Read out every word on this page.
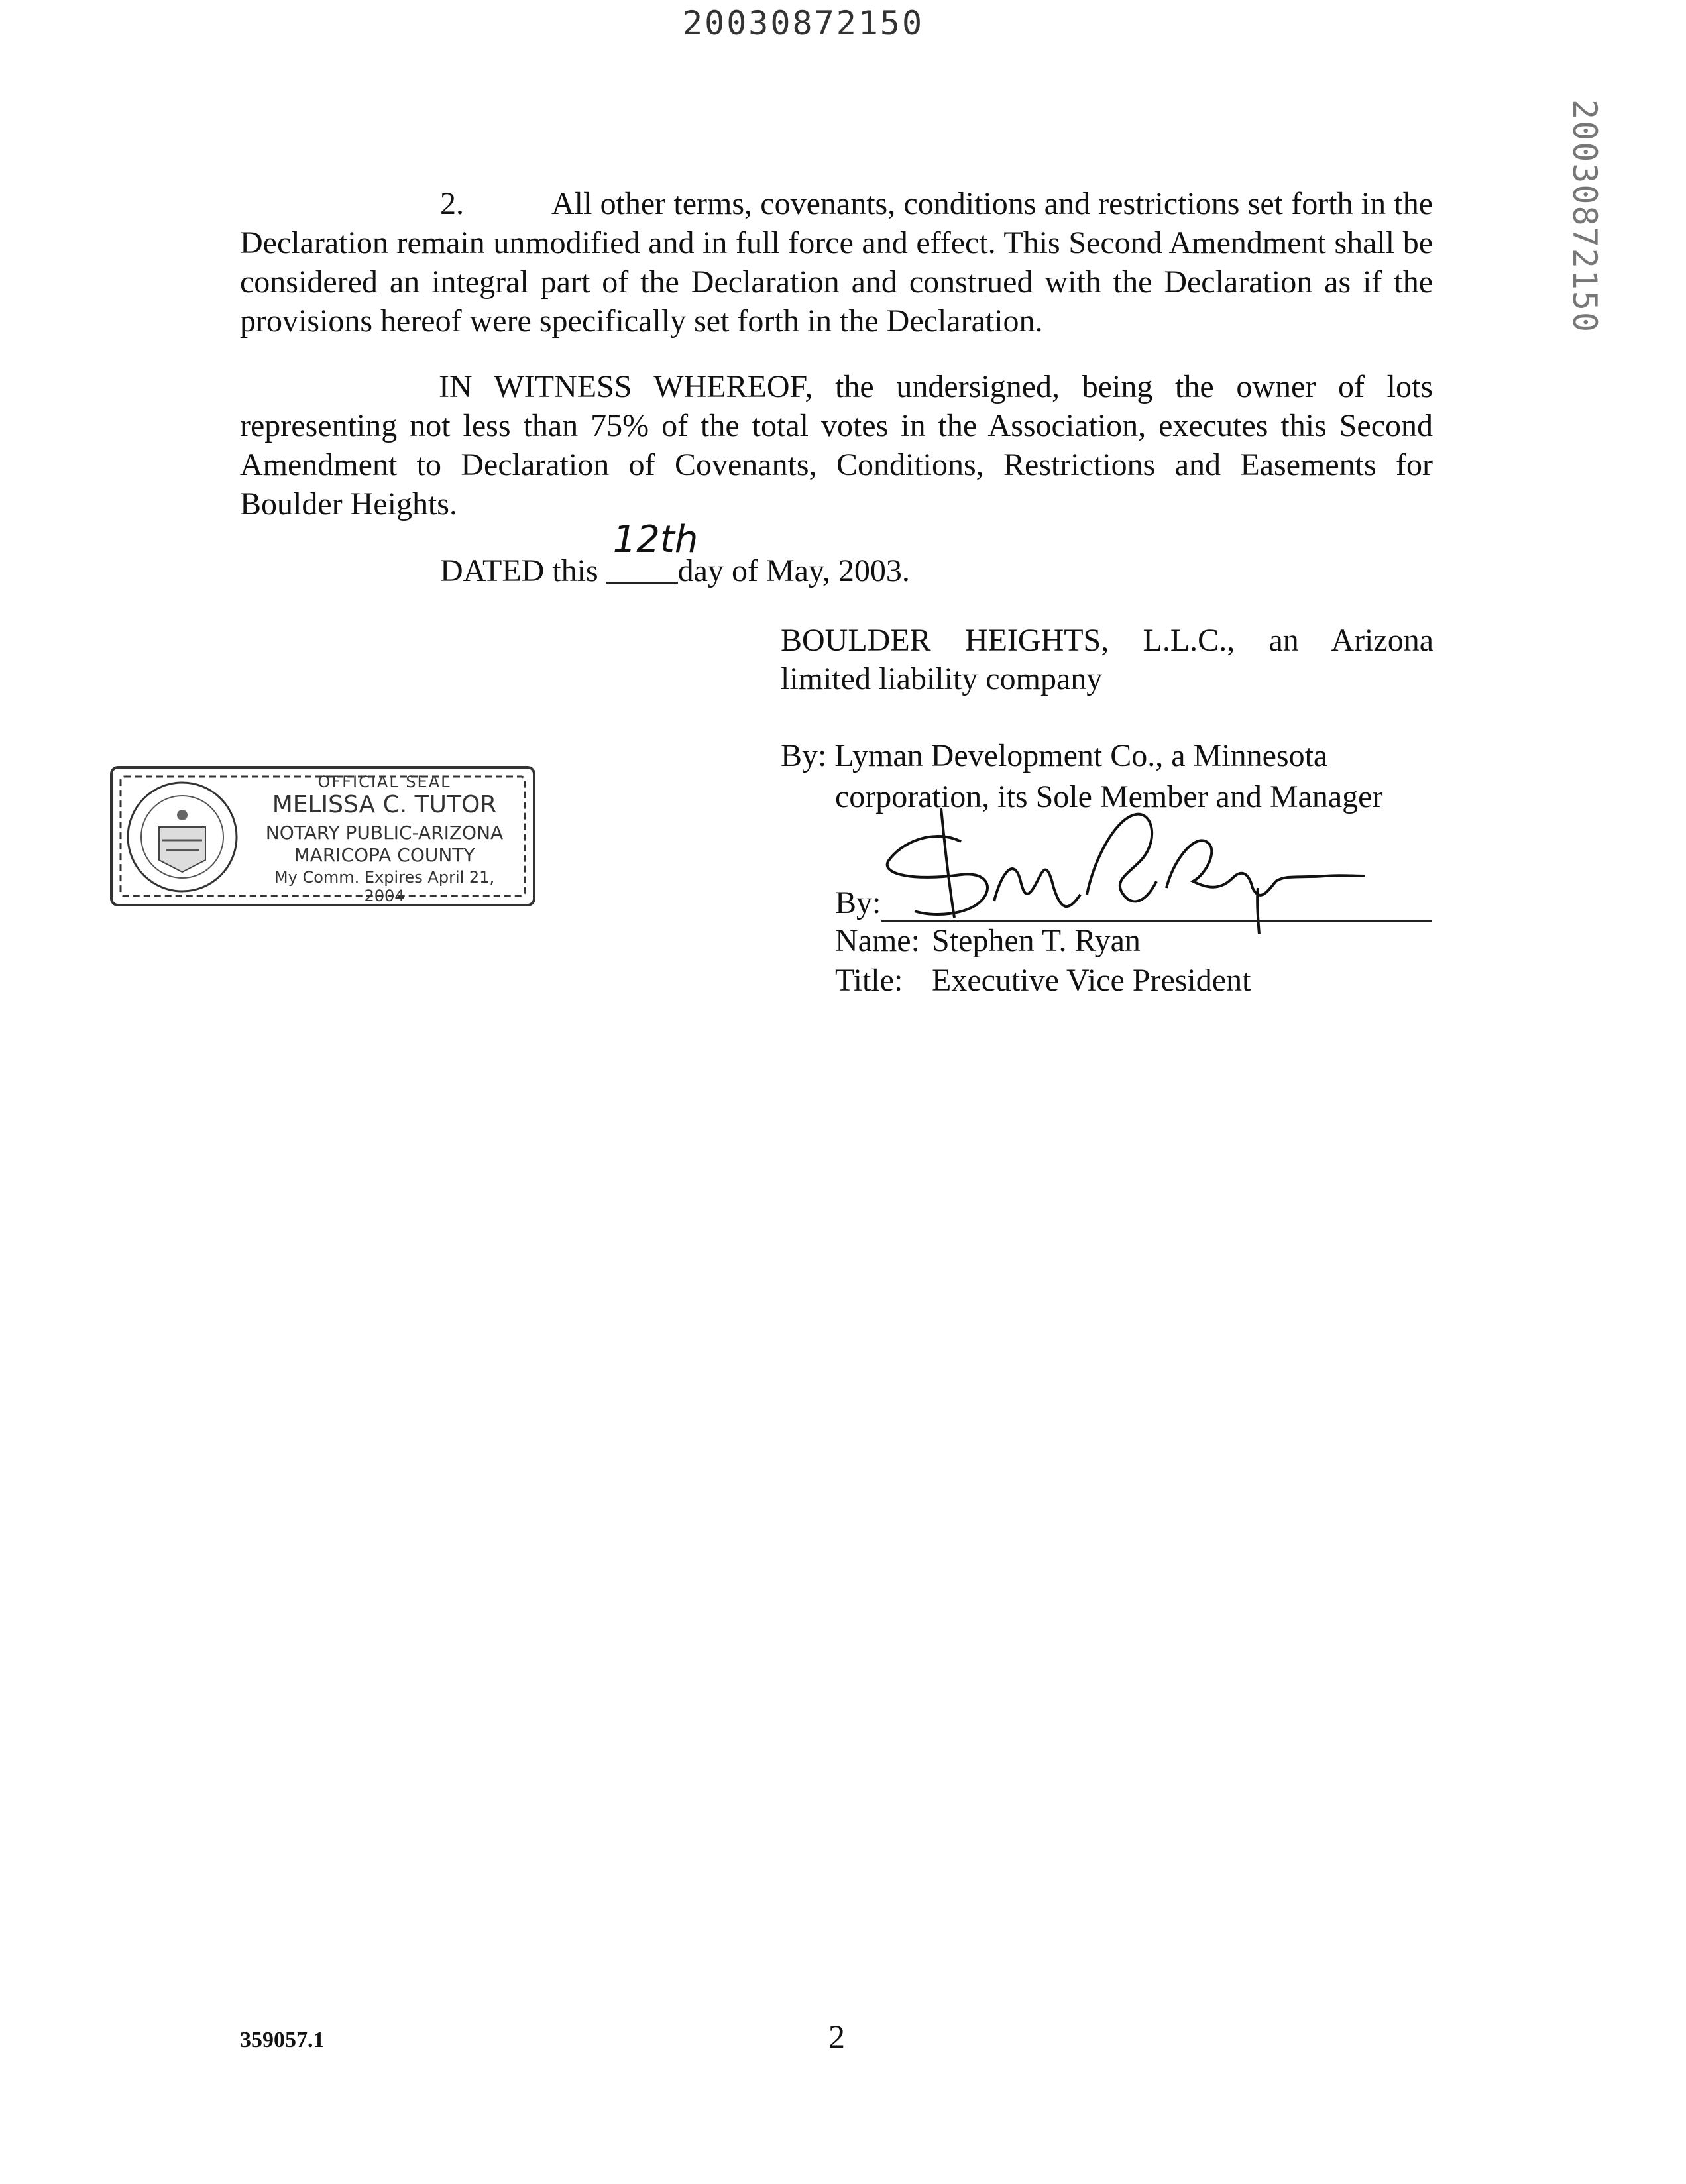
20030872150
20030872150
2.	All other terms, covenants, conditions and restrictions set forth in the Declaration remain unmodified and in full force and effect. This Second Amendment shall be considered an integral part of the Declaration and construed with the Declaration as if the provisions hereof were specifically set forth in the Declaration.
IN WITNESS WHEREOF, the undersigned, being the owner of lots representing not less than 75% of the total votes in the Association, executes this Second Amendment to Declaration of Covenants, Conditions, Restrictions and Easements for Boulder Heights.
DATED this
12th
day of May, 2003.
BOULDER HEIGHTS, L.L.C., an Arizona
limited liability company
By: Lyman Development Co., a Minnesota
corporation, its Sole Member and Manager
By:
Name: Stephen T. Ryan
Title: Executive Vice President
OFFICIAL SEAL
MELISSA C. TUTOR
NOTARY PUBLIC-ARIZONA
MARICOPA COUNTY
My Comm. Expires April 21, 2004
359057.1	2
